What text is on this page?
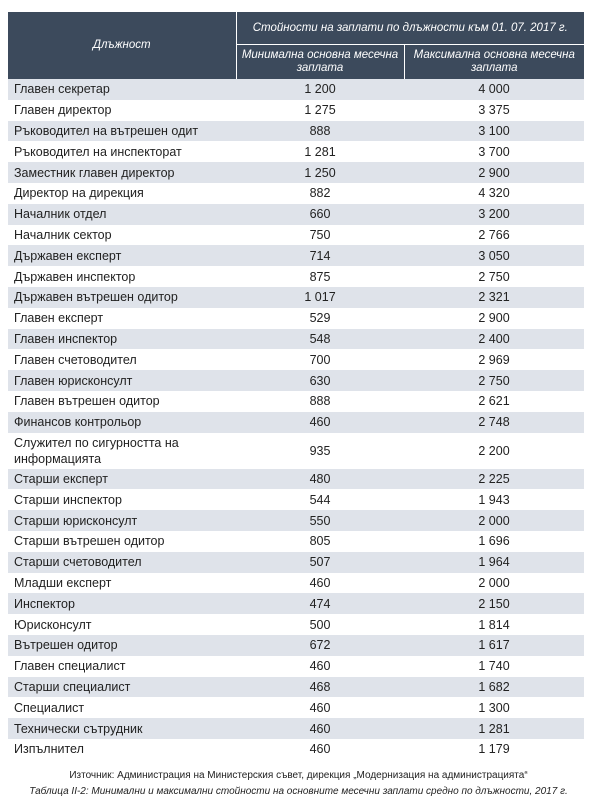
Длъжност	Стойности на заплати по длъжности към 01. 07. 2017 г.	
	Минимална основна месечна заплата	Максимална основна месечна заплата
Главен секретар	1 200	4 000
Главен директор	1 275	3 375
Ръководител на вътрешен одит	888	3 100
Ръководител на инспекторат	1 281	3 700
Заместник главен директор	1 250	2 900
Директор на дирекция	882	4 320
Началник отдел	660	3 200
Началник сектор	750	2 766
Държавен експерт	714	3 050
Държавен инспектор	875	2 750
Държавен вътрешен одитор	1 017	2 321
Главен експерт	529	2 900
Главен инспектор	548	2 400
Главен счетоводител	700	2 969
Главен юрисконсулт	630	2 750
Главен вътрешен одитор	888	2 621
Финансов контрольор	460	2 748
Служител по сигурността на информацията	935	2 200
Старши експерт	480	2 225
Старши инспектор	544	1 943
Старши юрисконсулт	550	2 000
Старши вътрешен одитор	805	1 696
Старши счетоводител	507	1 964
Младши експерт	460	2 000
Инспектор	474	2 150
Юрисконсулт	500	1 814
Вътрешен одитор	672	1 617
Главен специалист	460	1 740
Старши специалист	468	1 682
Специалист	460	1 300
Технически сътрудник	460	1 281
Изпълнител	460	1 179
Източник: Администрация на Министерския съвет, дирекция „Модернизация на администрацията“
Таблица II-2: Минимални и максимални стойности на основните месечни заплати средно по длъжности, 2017 г.
